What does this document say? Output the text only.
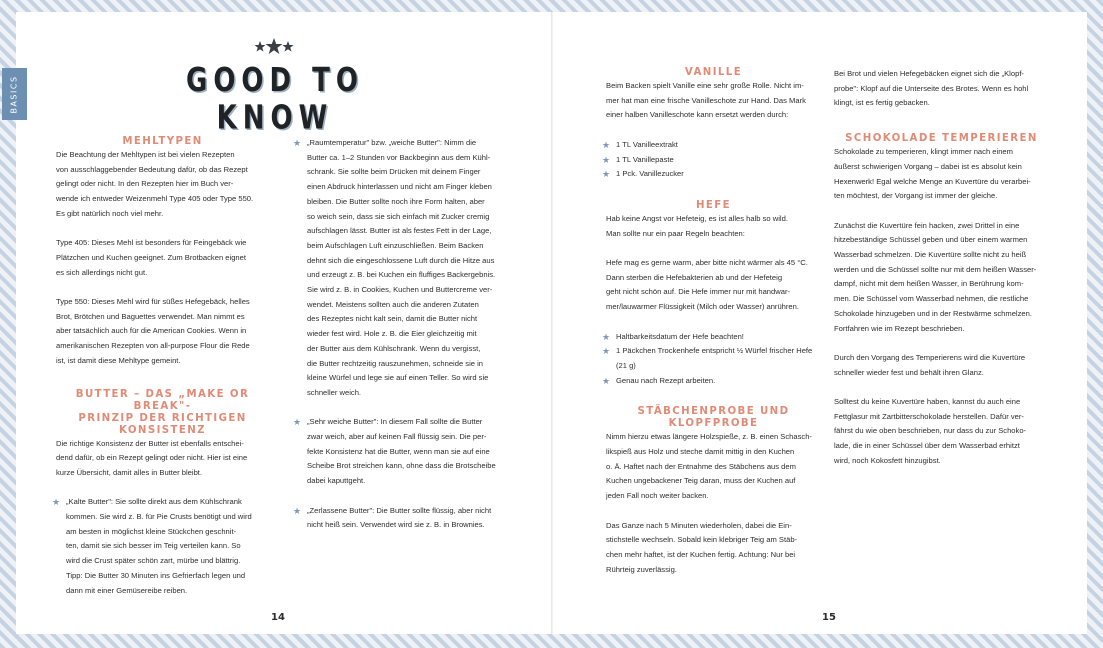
BASICS	GOOD TO KNOW
MEHLTYPEN

Die Beachtung der Mehltypen ist bei vielen Rezepten

von ausschlaggebender Bedeutung dafür, ob das Rezept

gelingt oder nicht. In den Rezepten hier im Buch ver-

wende ich entweder Weizenmehl Type 405 oder Type 550.

Es gibt natürlich noch viel mehr.

Type 405: Dieses Mehl ist besonders für Feingebäck wie

Plätzchen und Kuchen geeignet. Zum Brotbacken eignet

es sich allerdings nicht gut.

Type 550: Dieses Mehl wird für süßes Hefegebäck, helles

Brot, Brötchen und Baguettes verwendet. Man nimmt es

aber tatsächlich auch für die American Cookies. Wenn in

amerikanischen Rezepten von all-purpose Flour die Rede

ist, ist damit diese Mehltype gemeint.

BUTTER – DAS „MAKE OR BREAK"-
PRINZIP DER RICHTIGEN KONSISTENZ

Die richtige Konsistenz der Butter ist ebenfalls entschei-

dend dafür, ob ein Rezept gelingt oder nicht. Hier ist eine

kurze Übersicht, damit alles in Butter bleibt.

★ „Kalte Butter": Sie sollte direkt aus dem Kühlschrank

kommen. Sie wird z. B. für Pie Crusts benötigt und wird

am besten in möglichst kleine Stückchen geschnit-

ten, damit sie sich besser im Teig verteilen kann. So

wird die Crust später schön zart, mürbe und blättrig.

Tipp: Die Butter 30 Minuten ins Gefrierfach legen und

dann mit einer Gemüsereibe reiben.

★ „Raumtemperatur" bzw. „weiche Butter": Nimm die

Butter ca. 1–2 Stunden vor Backbeginn aus dem Kühl-

schrank. Sie sollte beim Drücken mit deinem Finger

einen Abdruck hinterlassen und nicht am Finger kleben

bleiben. Die Butter sollte noch ihre Form halten, aber

so weich sein, dass sie sich einfach mit Zucker cremig

aufschlagen lässt. Butter ist als festes Fett in der Lage,

beim Aufschlagen Luft einzuschließen. Beim Backen

dehnt sich die eingeschlossene Luft durch die Hitze aus

und erzeugt z. B. bei Kuchen ein fluffiges Backergebnis.

Sie wird z. B. in Cookies, Kuchen und Buttercreme ver-

wendet. Meistens sollten auch die anderen Zutaten

des Rezeptes nicht kalt sein, damit die Butter nicht

wieder fest wird. Hole z. B. die Eier gleichzeitig mit

der Butter aus dem Kühlschrank. Wenn du vergisst,

die Butter rechtzeitig rauszunehmen, schneide sie in

kleine Würfel und lege sie auf einen Teller. So wird sie

schneller weich.

★ „Sehr weiche Butter": In diesem Fall sollte die Butter

zwar weich, aber auf keinen Fall flüssig sein. Die per-

fekte Konsistenz hat die Butter, wenn man sie auf eine

Scheibe Brot streichen kann, ohne dass die Brotscheibe

dabei kaputtgeht.

★ „Zerlassene Butter": Die Butter sollte flüssig, aber nicht

nicht heiß sein. Verwendet wird sie z. B. in Brownies.

14
VANILLE

Beim Backen spielt Vanille eine sehr große Rolle. Nicht im-

mer hat man eine frische Vanilleschote zur Hand. Das Mark

einer halben Vanilleschote kann ersetzt werden durch:

★ 1 TL Vanilleextrakt
★ 1 TL Vanillepaste
★ 1 Pck. Vanillezucker
HEFE

Hab keine Angst vor Hefeteig, es ist alles halb so wild.

Man sollte nur ein paar Regeln beachten:

Hefe mag es gerne warm, aber bitte nicht wärmer als 45 °C.

Dann sterben die Hefebakterien ab und der Hefeteig

geht nicht schön auf. Die Hefe immer nur mit handwar-

mer/lauwarmer Flüssigkeit (Milch oder Wasser) anrühren.

★ Haltbarkeitsdatum der Hefe beachten!
★ 1 Päckchen Trockenhefe entspricht ½ Würfel frischer Hefe (21 g)
★ Genau nach Rezept arbeiten.
STÄBCHENPROBE UND KLOPFPROBE

Nimm hierzu etwas längere Holzspieße, z. B. einen Schasch-

likspieß aus Holz und steche damit mittig in den Kuchen

o. Ä. Haftet nach der Entnahme des Stäbchens aus dem

Kuchen ungebackener Teig daran, muss der Kuchen auf

jeden Fall noch weiter backen.

Das Ganze nach 5 Minuten wiederholen, dabei die Ein-

stichstelle wechseln. Sobald kein klebriger Teig am Stäb-

chen mehr haftet, ist der Kuchen fertig. Achtung: Nur bei

Rührteig zuverlässig.

Bei Brot und vielen Hefegebäcken eignet sich die „Klopf-

probe": Klopf auf die Unterseite des Brotes. Wenn es hohl

klingt, ist es fertig gebacken.

SCHOKOLADE TEMPERIEREN

Schokolade zu temperieren, klingt immer nach einem

äußerst schwierigen Vorgang – dabei ist es absolut kein

Hexenwerk! Egal welche Menge an Kuvertüre du verarbei-

ten möchtest, der Vorgang ist immer der gleiche.

Zunächst die Kuvertüre fein hacken, zwei Drittel in eine

hitzebeständige Schüssel geben und über einem warmen

Wasserbad schmelzen. Die Kuvertüre sollte nicht zu heiß

werden und die Schüssel sollte nur mit dem heißen Wasser-

dampf, nicht mit dem heißen Wasser, in Berührung kom-

men. Die Schüssel vom Wasserbad nehmen, die restliche

Schokolade hinzugeben und in der Restwärme schmelzen.

Fortfahren wie im Rezept beschrieben.

Durch den Vorgang des Temperierens wird die Kuvertüre

schneller wieder fest und behält ihren Glanz.

Solltest du keine Kuvertüre haben, kannst du auch eine

Fettglasur mit Zartbitterschokolade herstellen. Dafür ver-

fährst du wie oben beschrieben, nur dass du zur Schoko-

lade, die in einer Schüssel über dem Wasserbad erhitzt

wird, noch Kokosfett hinzugibst.

15
